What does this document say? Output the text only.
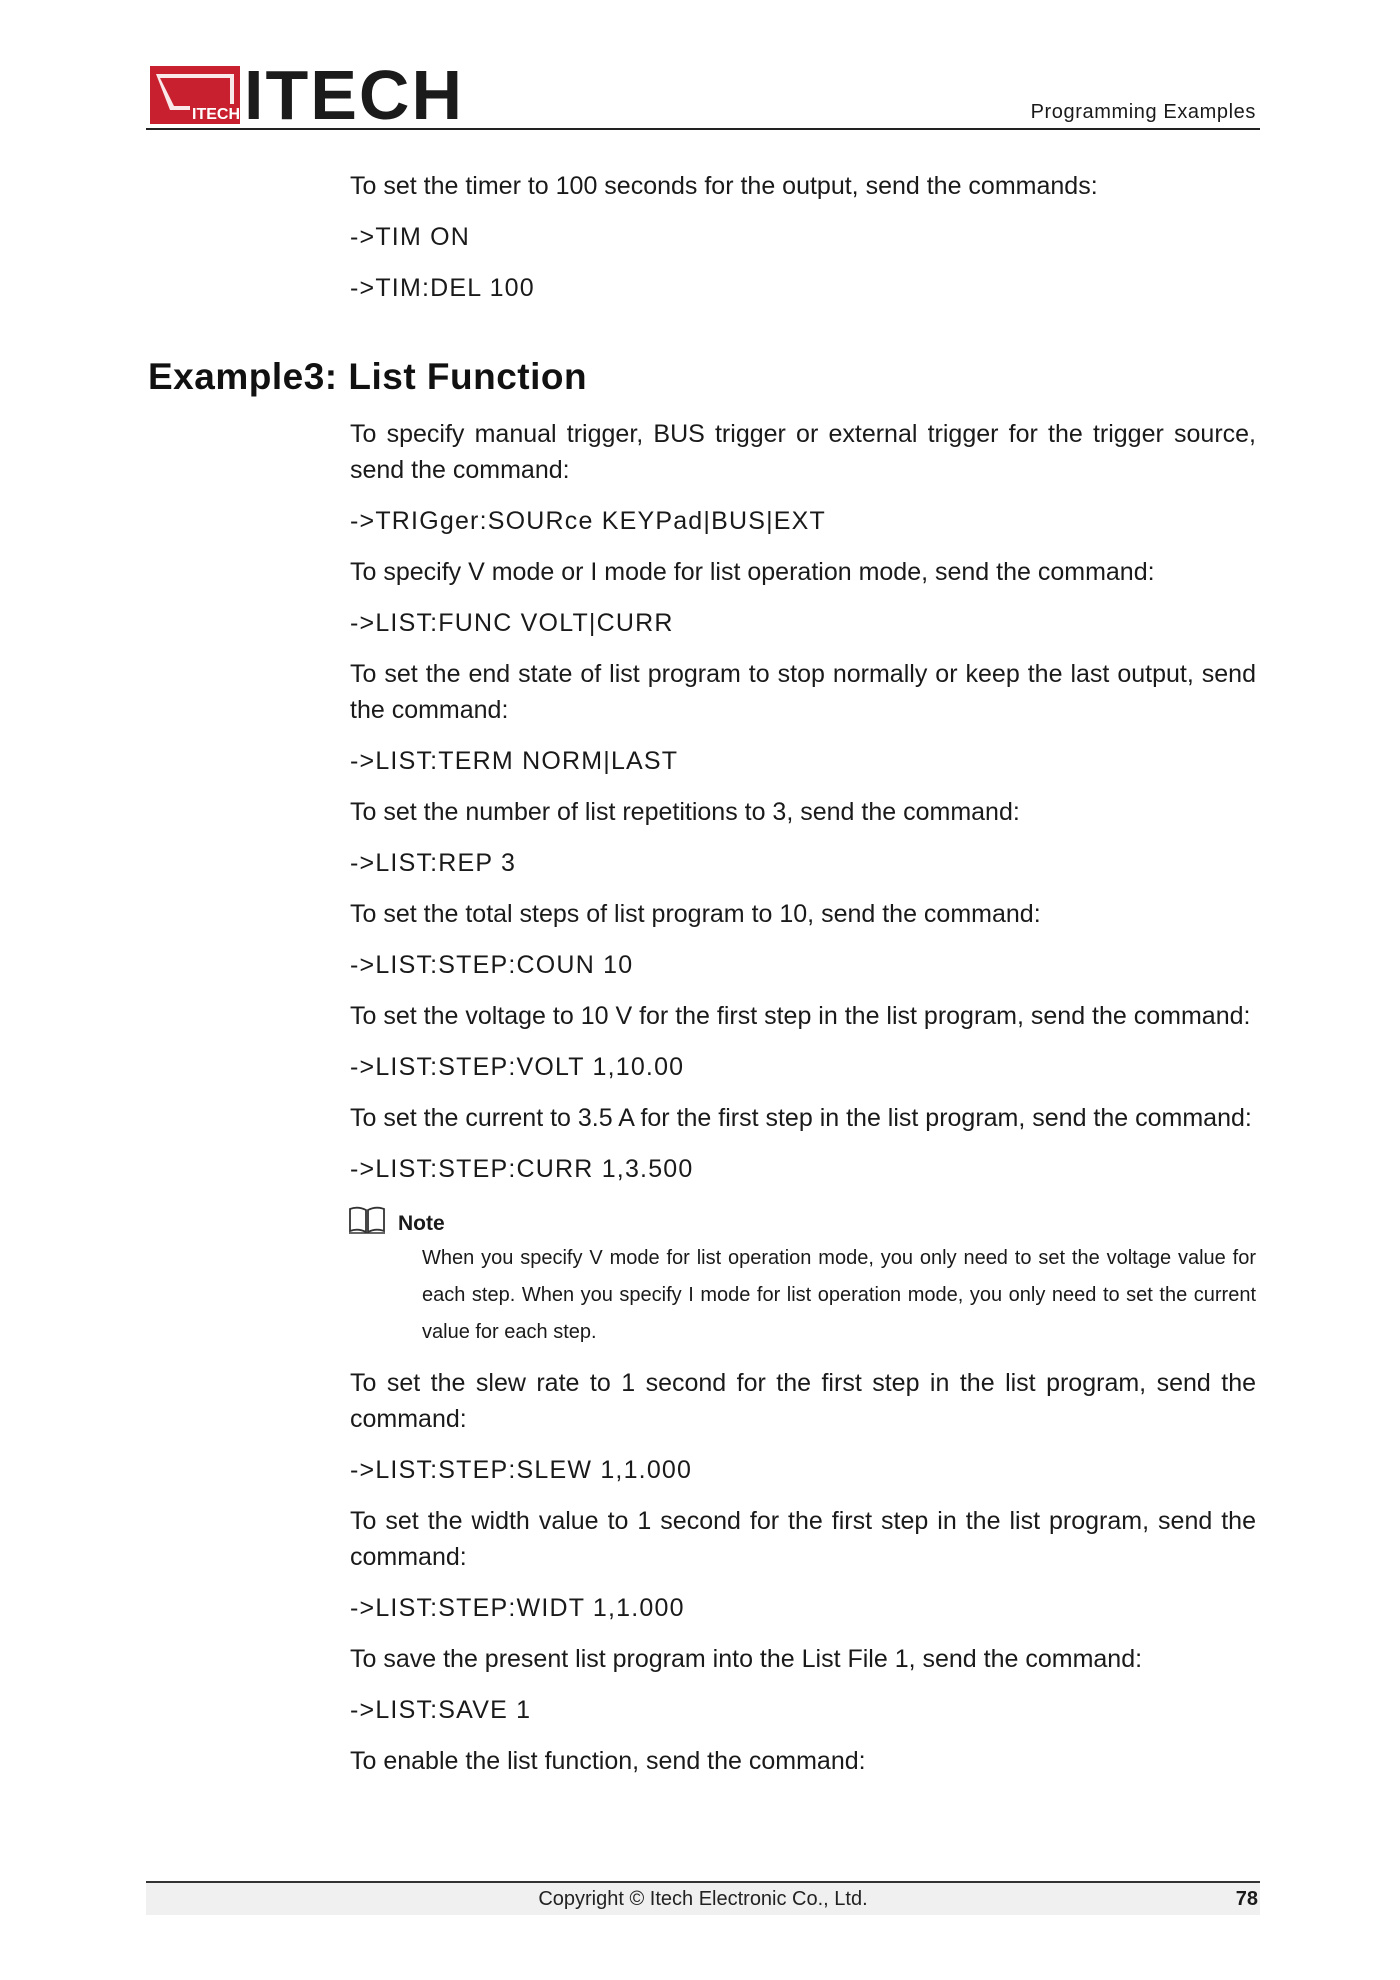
ITECH ITECH	Programming Examples

To set the timer to 100 seconds for the output, send the commands:

->TIM ON

->TIM:DEL 100

Example3: List Function

To specify manual trigger, BUS trigger or external trigger for the trigger source, send the command:

->TRIGger:SOURce KEYPad|BUS|EXT

To specify V mode or I mode for list operation mode, send the command:

->LIST:FUNC VOLT|CURR

To set the end state of list program to stop normally or keep the last output, send the command:

->LIST:TERM NORM|LAST

To set the number of list repetitions to 3, send the command:

->LIST:REP 3

To set the total steps of list program to 10, send the command:

->LIST:STEP:COUN 10

To set the voltage to 10 V for the first step in the list program, send the command:

->LIST:STEP:VOLT 1,10.00

To set the current to 3.5 A for the first step in the list program, send the command:

->LIST:STEP:CURR 1,3.500

Note

When you specify V mode for list operation mode, you only need to set the voltage value for each step. When you specify I mode for list operation mode, you only need to set the current value for each step.

To set the slew rate to 1 second for the first step in the list program, send the command:

->LIST:STEP:SLEW 1,1.000

To set the width value to 1 second for the first step in the list program, send the command:

->LIST:STEP:WIDT 1,1.000

To save the present list program into the List File 1, send the command:

->LIST:SAVE 1

To enable the list function, send the command:

Copyright © Itech Electronic Co., Ltd.	78
